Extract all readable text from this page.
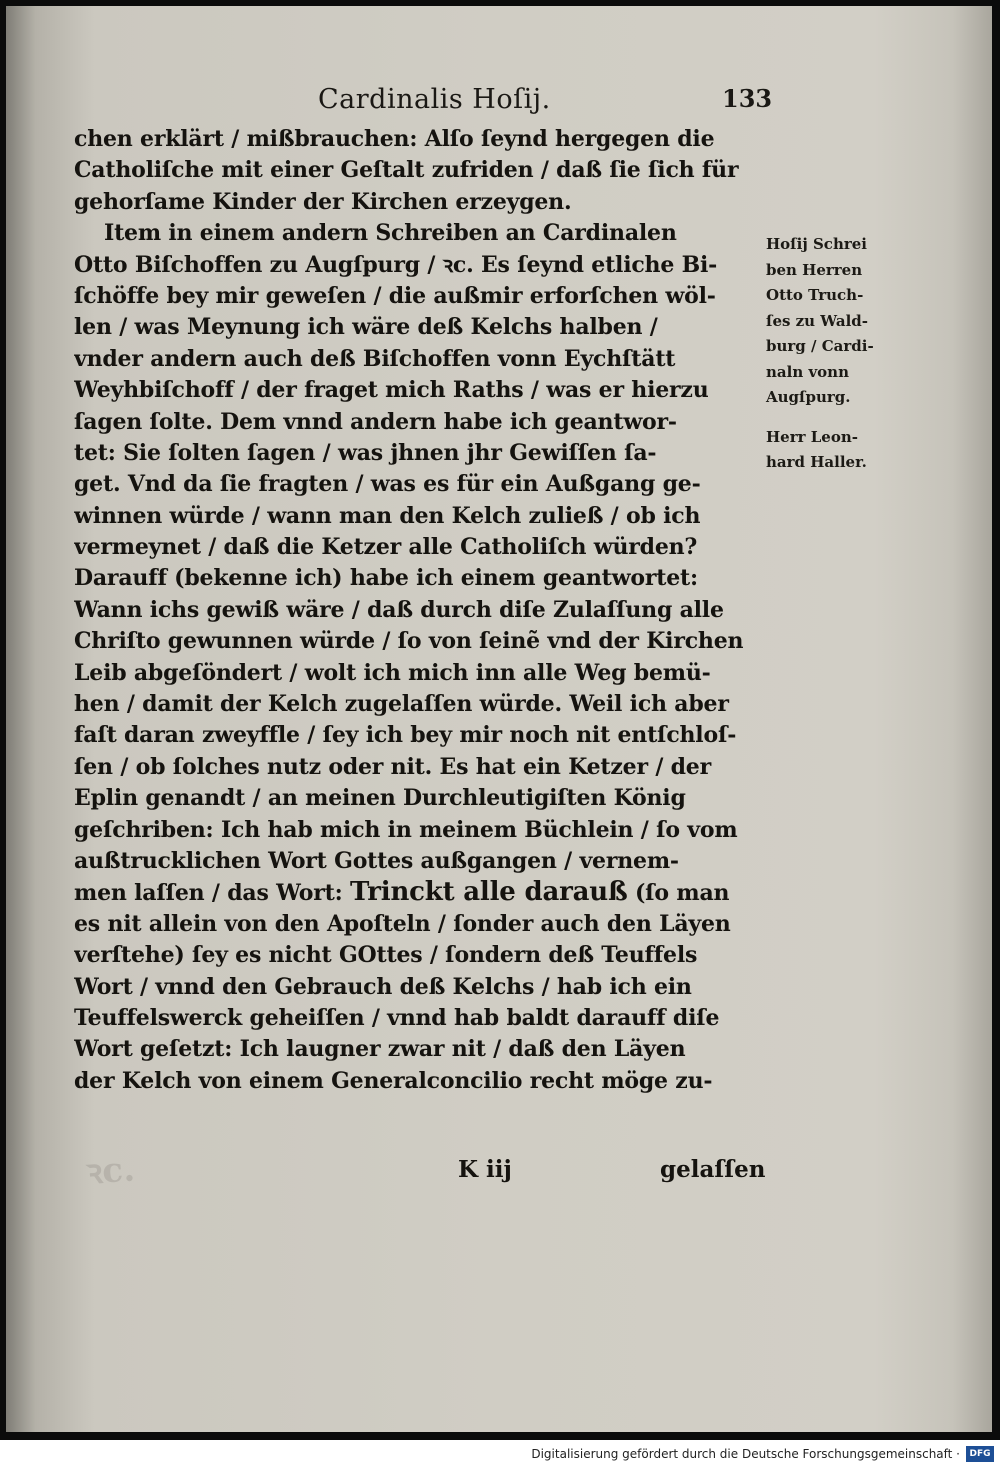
Cardinalis Hoſij.	133
chen erklärt / mißbrauchen: Alſo ſeynd hergegen die
Catholiſche mit einer Geſtalt zufriden / daß ſie ſich für
gehorſame Kinder der Kirchen erzeygen.
Item in einem andern Schreiben an Cardinalen
Otto Biſchoffen zu Augſpurg / ꝛc. Es ſeynd etliche Bi-
ſchöffe bey mir geweſen / die außmir erforſchen wöl-
len / was Meynung ich wäre deß Kelchs halben /
vnder andern auch deß Biſchoffen vonn Eychſtätt
Weyhbiſchoff / der fraget mich Raths / was er hierzu
ſagen ſolte. Dem vnnd andern habe ich geantwor-
tet: Sie ſolten ſagen / was jhnen jhr Gewiſſen ſa-
get. Vnd da ſie fragten / was es für ein Außgang ge-
winnen würde / wann man den Kelch zuließ / ob ich
vermeynet / daß die Ketzer alle Catholiſch würden?
Darauff (bekenne ich) habe ich einem geantwortet:
Wann ichs gewiß wäre / daß durch diſe Zulaſſung alle
Chriſto gewunnen würde / ſo von ſeinẽ vnd der Kirchen
Leib abgeſöndert / wolt ich mich inn alle Weg bemü-
hen / damit der Kelch zugelaſſen würde. Weil ich aber
faſt daran zweyffle / ſey ich bey mir noch nit entſchloſ-
ſen / ob ſolches nutz oder nit. Es hat ein Ketzer / der
Eplin genandt / an meinen Durchleutigiſten König
geſchriben: Ich hab mich in meinem Büchlein / ſo vom
außtrucklichen Wort Gottes außgangen / vernem-
men laſſen / das Wort: Trinckt alle darauß (ſo man
es nit allein von den Apoſteln / ſonder auch den Läyen
verſtehe) ſey es nicht GOttes / ſondern deß Teuffels
Wort / vnnd den Gebrauch deß Kelchs / hab ich ein
Teuffelswerck geheiſſen / vnnd hab baldt darauff diſe
Wort geſetzt: Ich laugner zwar nit / daß den Läyen
der Kelch von einem Generalconcilio recht möge zu-
Hoſij Schrei
ben Herren
Otto Truch-
ſes zu Wald-
burg / Cardi-
naln vonn
Augſpurg.
Herr Leon-
hard Haller.
ꝛc.	K iij	gelaſſen
Digitalisierung gefördert durch die Deutsche Forschungsgemeinschaft ·	DFG
